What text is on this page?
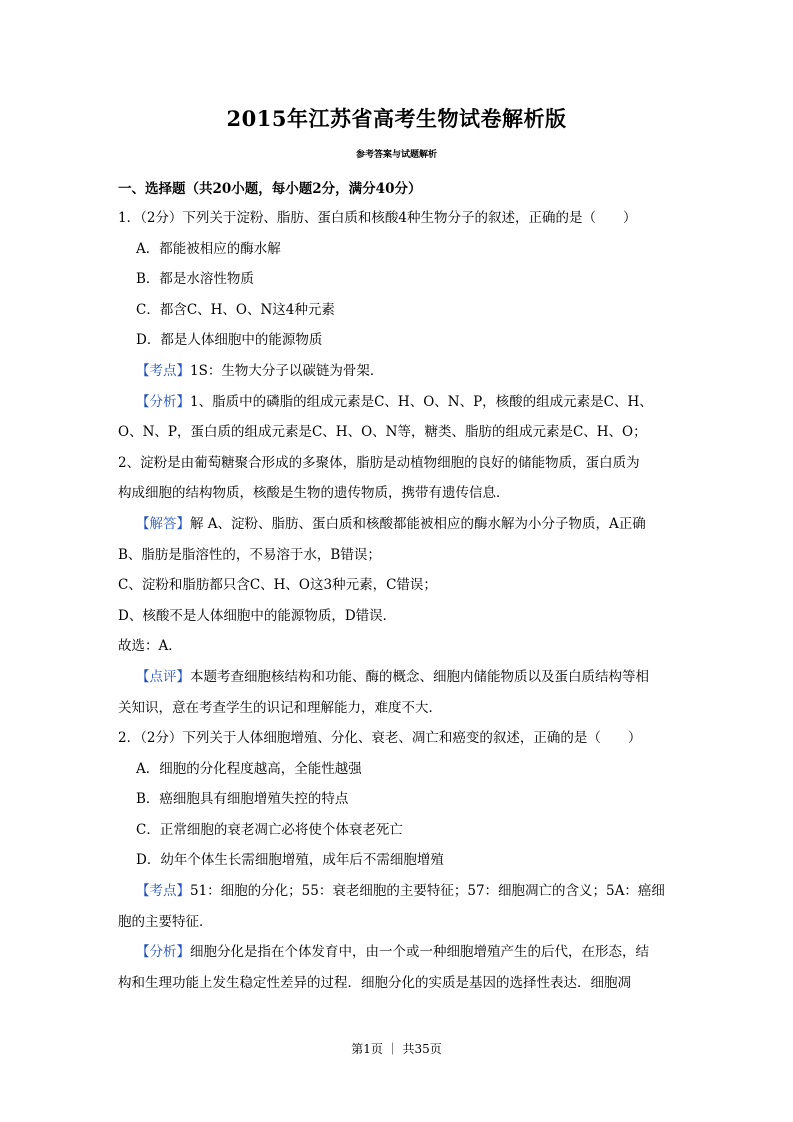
2015年江苏省高考生物试卷解析版
参考答案与试题解析
一、选择题（共20小题，每小题2分，满分40分）
1．（2分）下列关于淀粉、脂肪、蛋白质和核酸4种生物分子的叙述，正确的是（　　）
A．都能被相应的酶水解
B．都是水溶性物质
C．都含C、H、O、N这4种元素
D．都是人体细胞中的能源物质
【考点】1S：生物大分子以碳链为骨架．
【分析】1、脂质中的磷脂的组成元素是C、H、O、N、P，核酸的组成元素是C、H、
O、N、P，蛋白质的组成元素是C、H、O、N等，糖类、脂肪的组成元素是C、H、O；
2、淀粉是由葡萄糖聚合形成的多聚体，脂肪是动植物细胞的良好的储能物质，蛋白质为
构成细胞的结构物质，核酸是生物的遗传物质，携带有遗传信息．
【解答】解 A、淀粉、脂肪、蛋白质和核酸都能被相应的酶水解为小分子物质，A正确
B、脂肪是脂溶性的，不易溶于水，B错误；
C、淀粉和脂肪都只含C、H、O这3种元素，C错误；
D、核酸不是人体细胞中的能源物质，D错误．
故选：A．
【点评】本题考查细胞核结构和功能、酶的概念、细胞内储能物质以及蛋白质结构等相
关知识，意在考查学生的识记和理解能力，难度不大．
2．（2分）下列关于人体细胞增殖、分化、衰老、凋亡和癌变的叙述，正确的是（　　）
A．细胞的分化程度越高，全能性越强
B．癌细胞具有细胞增殖失控的特点
C．正常细胞的衰老凋亡必将使个体衰老死亡
D．幼年个体生长需细胞增殖，成年后不需细胞增殖
【考点】51：细胞的分化；55：衰老细胞的主要特征；57：细胞凋亡的含义；5A：癌细
胞的主要特征．
【分析】细胞分化是指在个体发育中，由一个或一种细胞增殖产生的后代，在形态，结
构和生理功能上发生稳定性差异的过程．细胞分化的实质是基因的选择性表达．细胞凋
第1页 ｜ 共35页
